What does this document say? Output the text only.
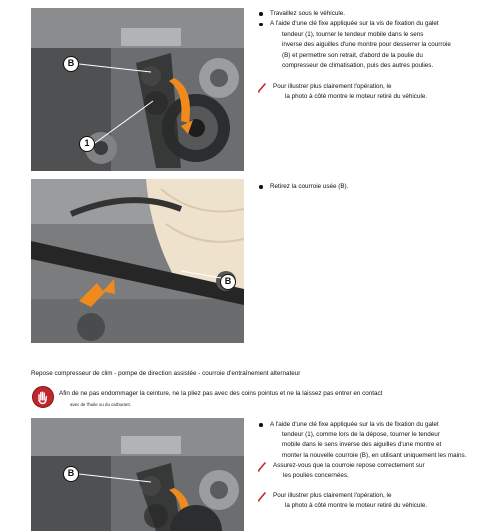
B
1
Travaillez sous le véhicule.
A l'aide d'une clé fixe appliquée sur la vis de fixation du galet
tendeur (1), tourner le tendeur mobile dans le sens
inverse des aiguilles d'une montre pour desserrer la courroie
(B) et permettre son retrait, d'abord de la poulie du
compresseur de climatisation, puis des autres poulies.
Pour illustrer plus clairement l'opération, le
la photo à côté montre le moteur retiré du véhicule.
B
Retirez la courroie usée (B).
Repose compresseur de clim - pompe de direction assistée - courroie d'entraînement alternateur
Afin de ne pas endommager la ceinture, ne la pliez pas avec des coins pointus et ne la laissez pas entrer en contact
avec de l'huile ou du carburant.
B
A l'aide d'une clé fixe appliquée sur la vis de fixation du galet
tendeur (1), comme lors de la dépose, tourner le tendeur
mobile dans le sens inverse des aiguilles d'une montre et
monter la nouvelle courroie (B), en utilisant uniquement les mains.
Assurez-vous que la courroie repose correctement sur
les poulies concernées.
Pour illustrer plus clairement l'opération, le
la photo à côté montre le moteur retiré du véhicule.
